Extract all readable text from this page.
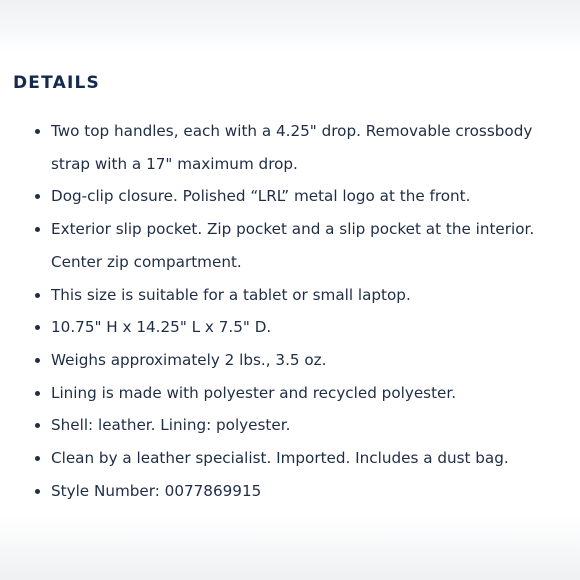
DETAILS
Two top handles, each with a 4.25" drop. Removable crossbody strap with a 17" maximum drop.
Dog-clip closure. Polished “LRL” metal logo at the front.
Exterior slip pocket. Zip pocket and a slip pocket at the interior. Center zip compartment.
This size is suitable for a tablet or small laptop.
10.75" H x 14.25" L x 7.5" D.
Weighs approximately 2 lbs., 3.5 oz.
Lining is made with polyester and recycled polyester.
Shell: leather. Lining: polyester.
Clean by a leather specialist. Imported. Includes a dust bag.
Style Number: 0077869915
